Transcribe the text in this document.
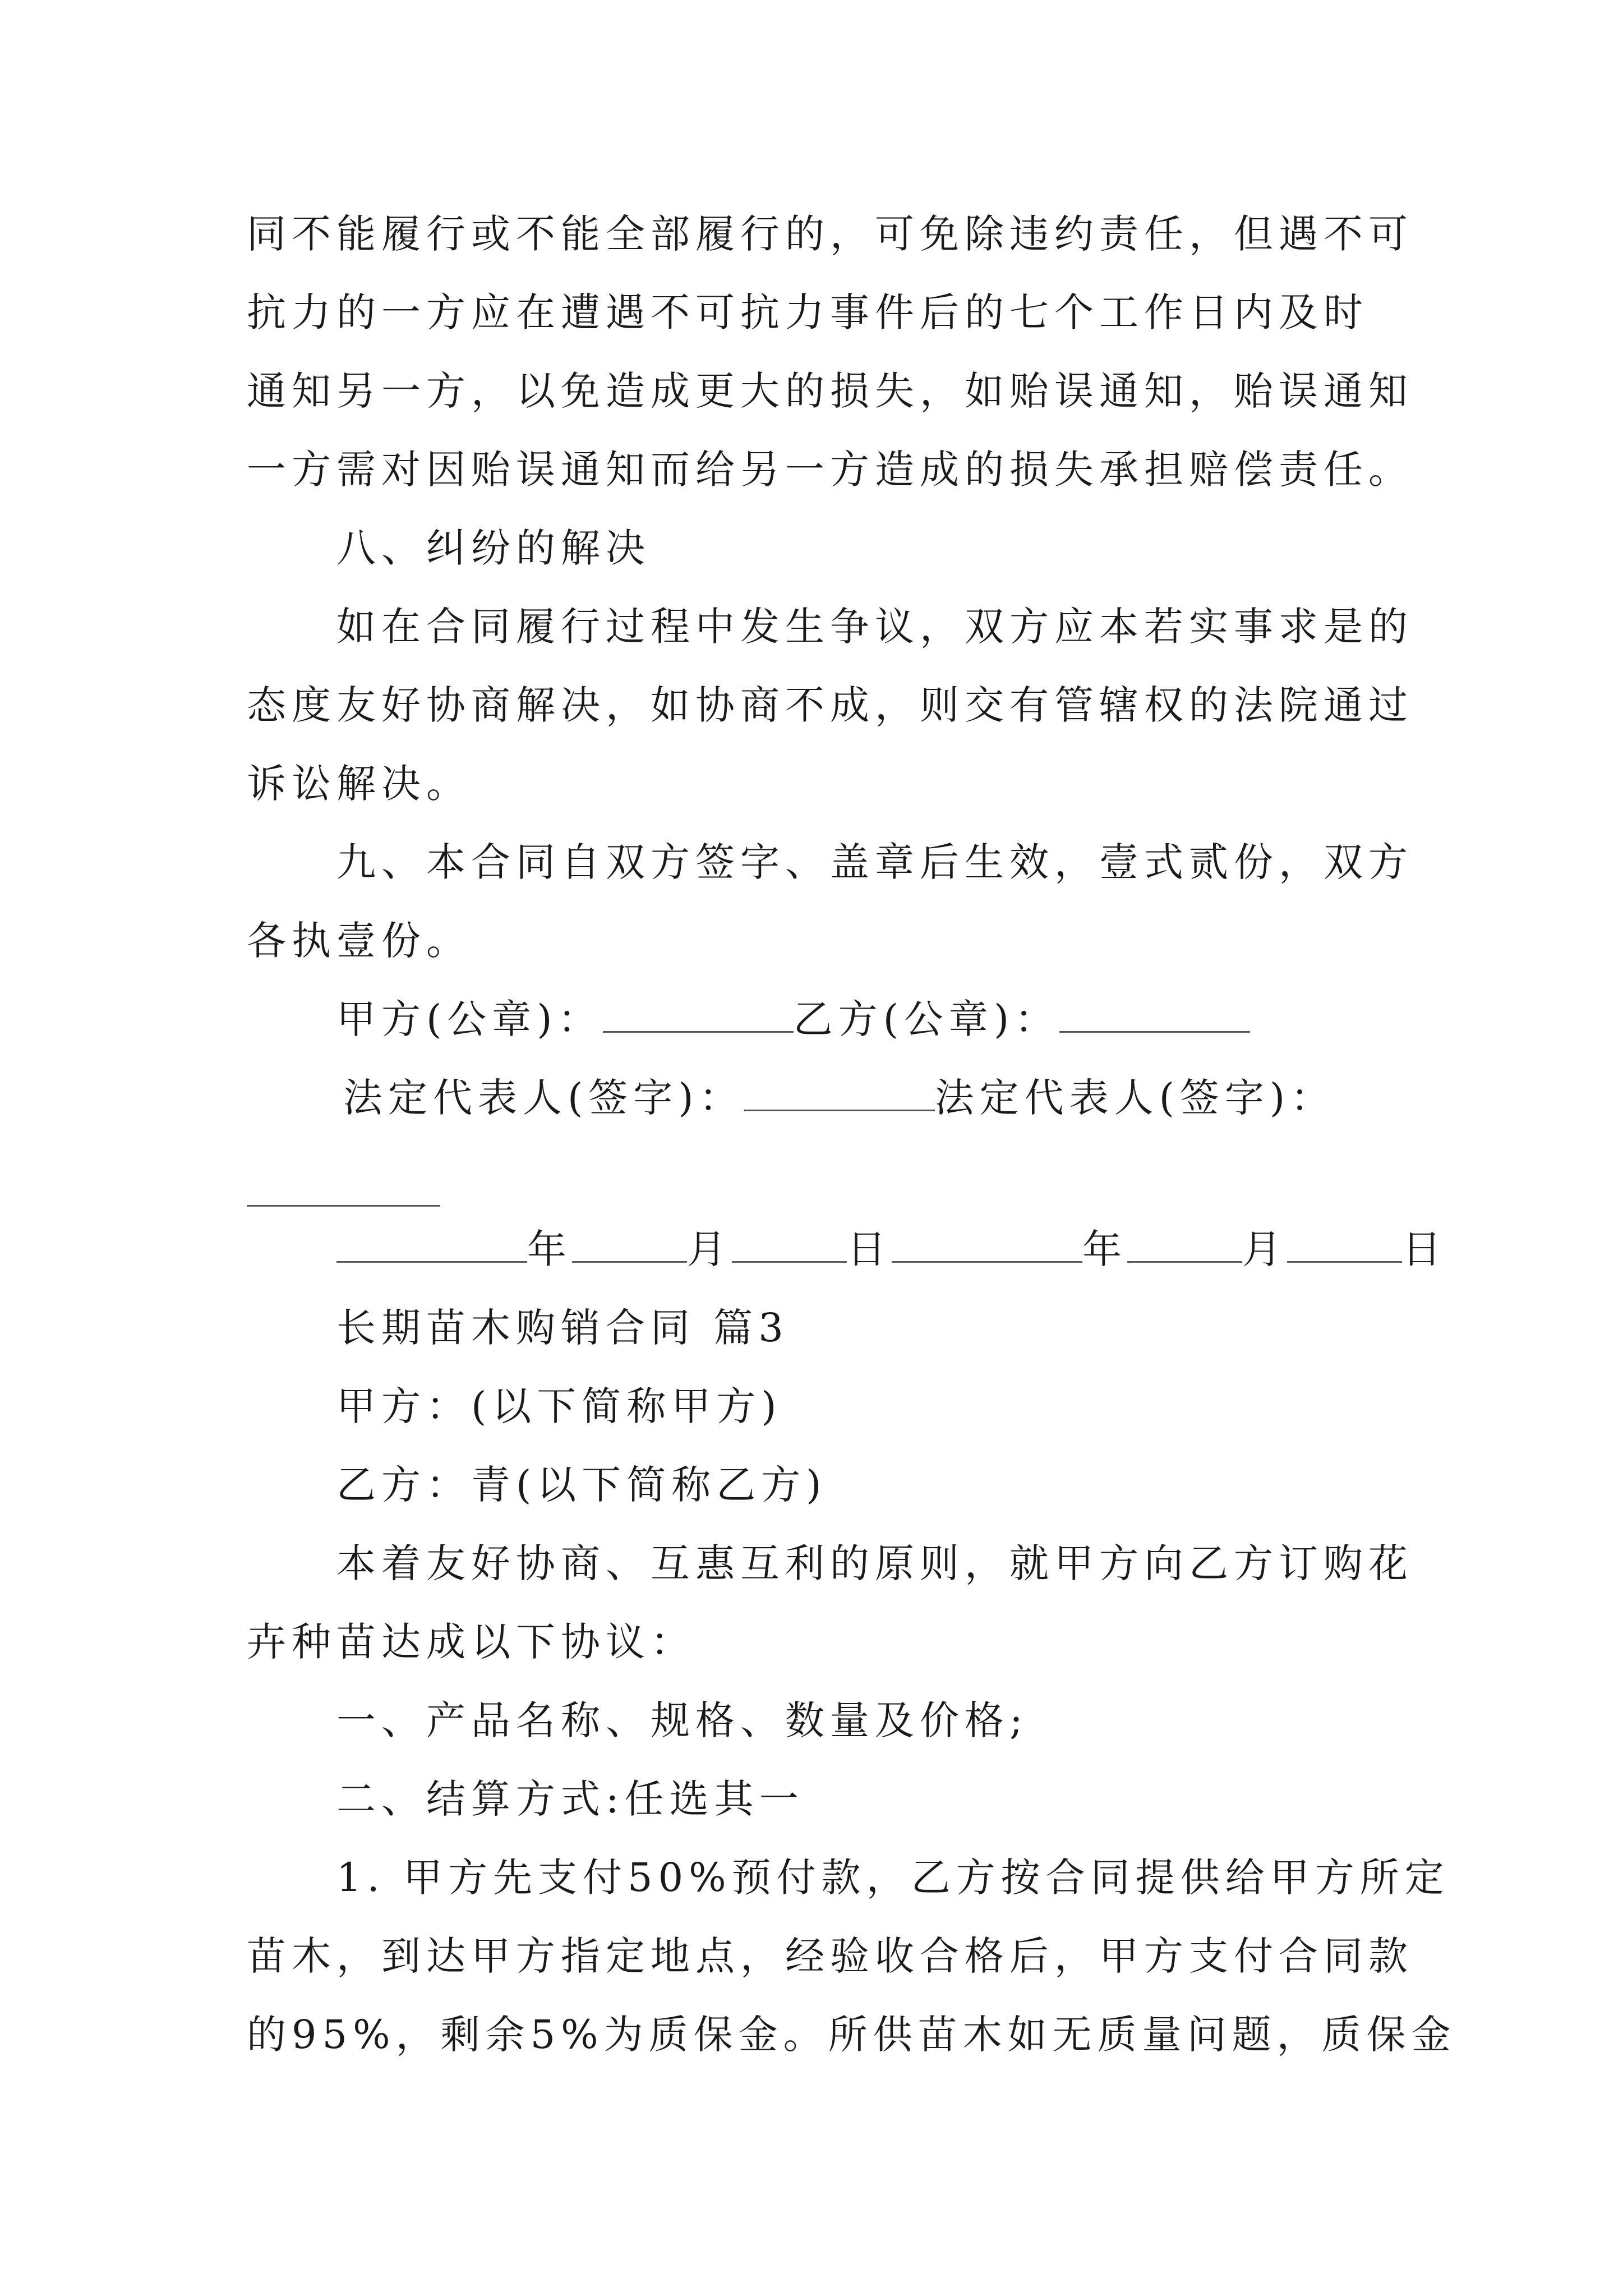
同不能履行或不能全部履行的，可免除违约责任，但遇不可
抗力的一方应在遭遇不可抗力事件后的七个工作日内及时
通知另一方，以免造成更大的损失，如贻误通知，贻误通知
一方需对因贻误通知而给另一方造成的损失承担赔偿责任。
八、纠纷的解决
如在合同履行过程中发生争议，双方应本若实事求是的
态度友好协商解决，如协商不成，则交有管辖权的法院通过
诉讼解决。
九、本合同自双方签字、盖章后生效，壹式贰份，双方
各执壹份。
甲方(公章)：	乙方(公章)：
法定代表人(签字)：	法定代表人(签字)：
年	月	日	年	月	日
长期苗木购销合同 篇3
甲方：(以下简称甲方)
乙方：青(以下简称乙方)
本着友好协商、互惠互利的原则，就甲方向乙方订购花
卉种苗达成以下协议：
一、产品名称、规格、数量及价格;
二、结算方式:任选其一
1. 甲方先支付50%预付款，乙方按合同提供给甲方所定
苗木，到达甲方指定地点，经验收合格后，甲方支付合同款
的95%，剩余5%为质保金。所供苗木如无质量问题，质保金
